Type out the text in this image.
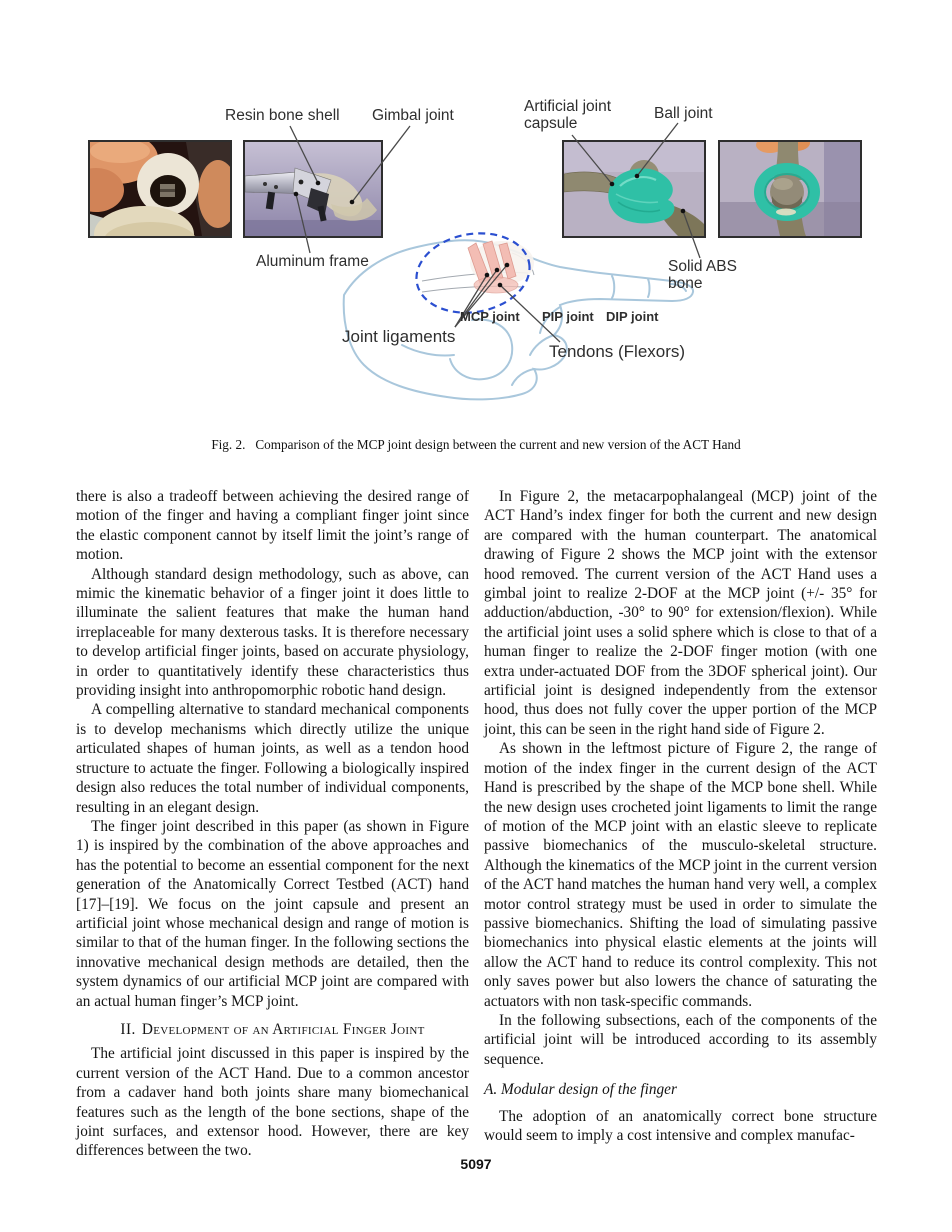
Resin bone shell Gimbal joint
Artificial joint
capsule
Ball joint
Aluminum frame	Solid ABS
bone
Joint ligaments
MCP joint PIP joint DIP joint
Tendons (Flexors)
Fig. 2. Comparison of the MCP joint design between the current and new version of the ACT Hand

there is also a tradeoff between achieving the desired range of motion of the finger and having a compliant finger joint since the elastic component cannot by itself limit the joint’s range of motion.

Although standard design methodology, such as above, can mimic the kinematic behavior of a finger joint it does little to illuminate the salient features that make the human hand irreplaceable for many dexterous tasks. It is therefore necessary to develop artificial finger joints, based on accurate physiology, in order to quantitatively identify these characteristics thus providing insight into anthropomorphic robotic hand design.

A compelling alternative to standard mechanical components is to develop mechanisms which directly utilize the unique articulated shapes of human joints, as well as a tendon hood structure to actuate the finger. Following a biologically inspired design also reduces the total number of individual components, resulting in an elegant design.

The finger joint described in this paper (as shown in Figure 1) is inspired by the combination of the above approaches and has the potential to become an essential component for the next generation of the Anatomically Correct Testbed (ACT) hand [17]–[19]. We focus on the joint capsule and present an artificial joint whose mechanical design and range of motion is similar to that of the human finger. In the following sections the innovative mechanical design methods are detailed, then the system dynamics of our artificial MCP joint are compared with an actual human finger’s MCP joint.

II. Development of an Artificial Finger Joint

The artificial joint discussed in this paper is inspired by the current version of the ACT Hand. Due to a common ancestor from a cadaver hand both joints share many biomechanical features such as the length of the bone sections, shape of the joint surfaces, and extensor hood. However, there are key differences between the two.

In Figure 2, the metacarpophalangeal (MCP) joint of the ACT Hand’s index finger for both the current and new design are compared with the human counterpart. The anatomical drawing of Figure 2 shows the MCP joint with the extensor hood removed. The current version of the ACT Hand uses a gimbal joint to realize 2-DOF at the MCP joint (+/- 35° for adduction/abduction, -30° to 90° for extension/flexion). While the artificial joint uses a solid sphere which is close to that of a human finger to realize the 2-DOF finger motion (with one extra under-actuated DOF from the 3DOF spherical joint). Our artificial joint is designed independently from the extensor hood, thus does not fully cover the upper portion of the MCP joint, this can be seen in the right hand side of Figure 2.

As shown in the leftmost picture of Figure 2, the range of motion of the index finger in the current design of the ACT Hand is prescribed by the shape of the MCP bone shell. While the new design uses crocheted joint ligaments to limit the range of motion of the MCP joint with an elastic sleeve to replicate passive biomechanics of the musculo-skeletal structure. Although the kinematics of the MCP joint in the current version of the ACT hand matches the human hand very well, a complex motor control strategy must be used in order to simulate the passive biomechanics. Shifting the load of simulating passive biomechanics into physical elastic elements at the joints will allow the ACT hand to reduce its control complexity. This not only saves power but also lowers the chance of saturating the actuators with non task-specific commands.

In the following subsections, each of the components of the artificial joint will be introduced according to its assembly sequence.

A. Modular design of the finger

The adoption of an anatomically correct bone structure would seem to imply a cost intensive and complex manufac-

5097
